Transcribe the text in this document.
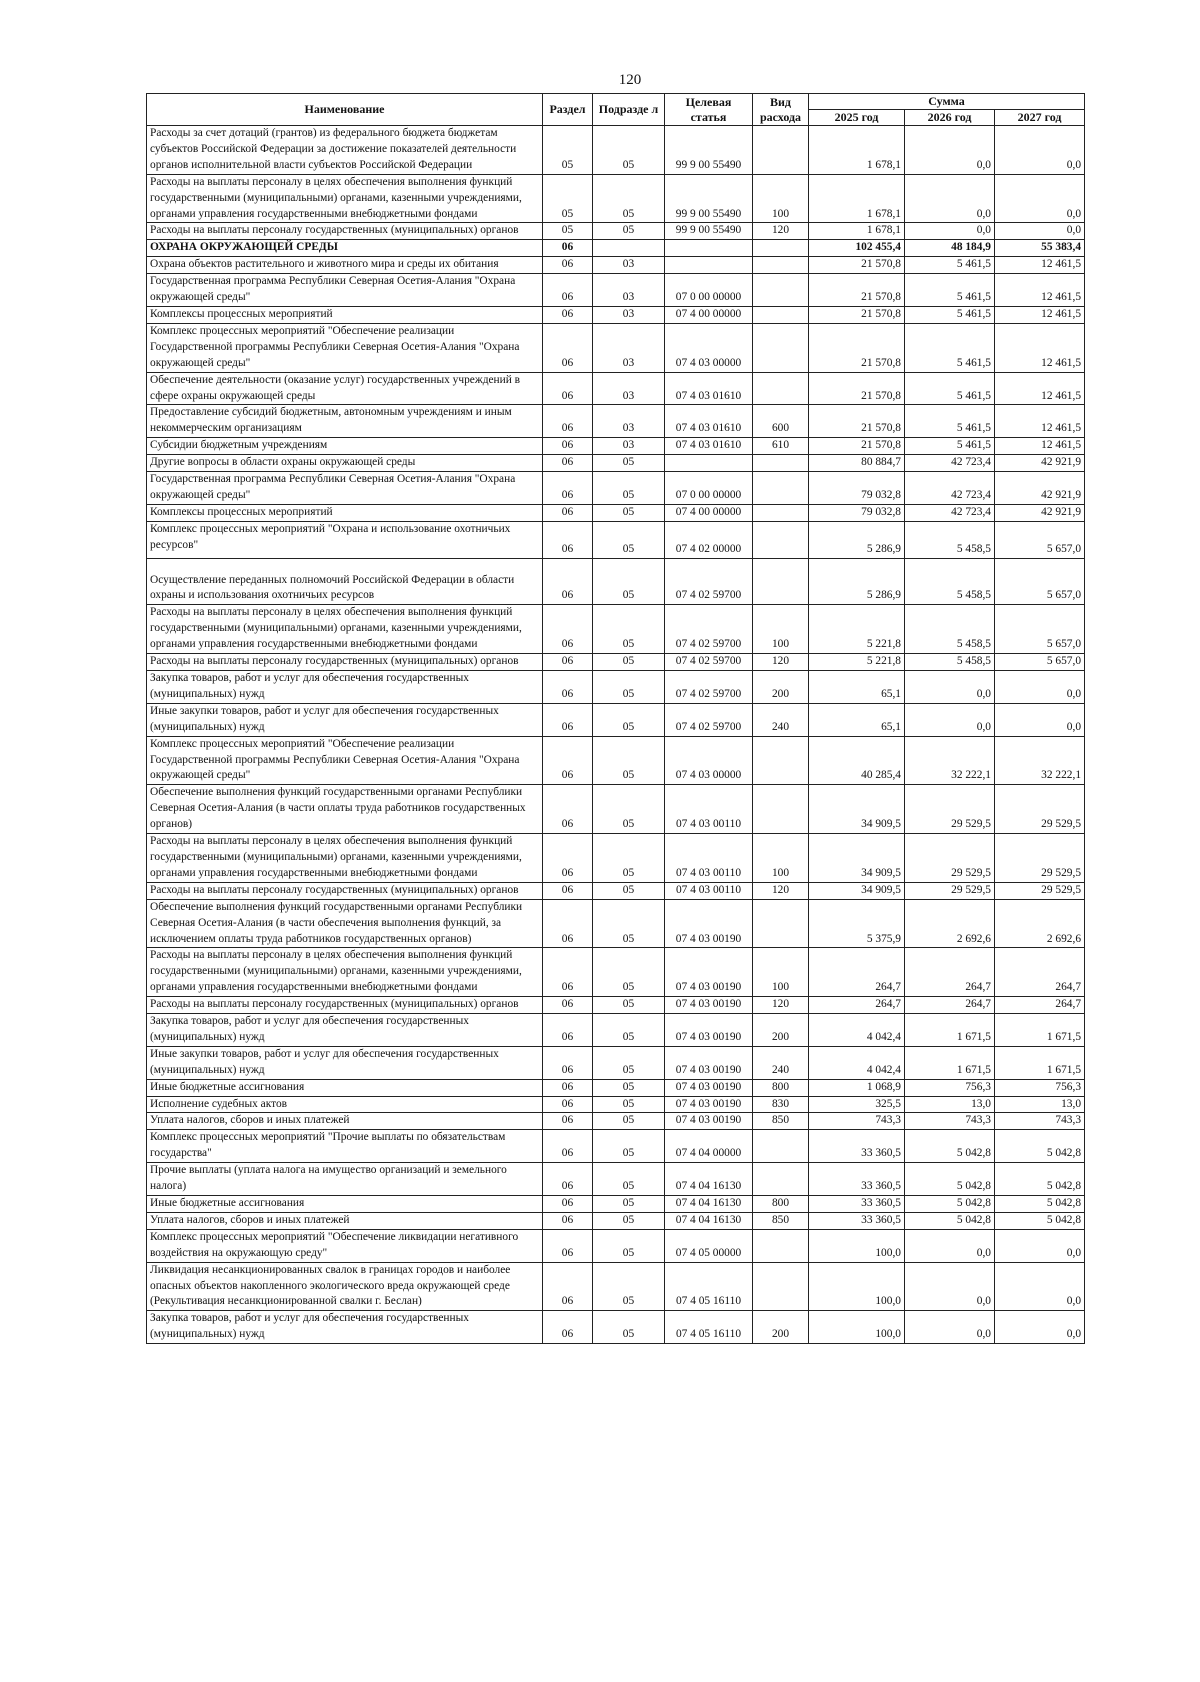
120
Наименование	Раздел	Подразде л	Целевая статья	Вид расхода	Сумма		
					2025 год	2026 год	2027 год
Расходы за счет дотаций (грантов) из федерального бюджета бюджетам субъектов Российской Федерации за достижение показателей деятельности органов исполнительной власти субъектов Российской Федерации	05	05	99 9 00 55490		1 678,1	0,0	0,0
Расходы на выплаты персоналу в целях обеспечения выполнения функций государственными (муниципальными) органами, казенными учреждениями, органами управления государственными внебюджетными фондами	05	05	99 9 00 55490	100	1 678,1	0,0	0,0
Расходы на выплаты персоналу государственных (муниципальных) органов	05	05	99 9 00 55490	120	1 678,1	0,0	0,0
ОХРАНА ОКРУЖАЮЩЕЙ СРЕДЫ	06				102 455,4	48 184,9	55 383,4
Охрана объектов растительного и животного мира и среды их обитания	06	03			21 570,8	5 461,5	12 461,5
Государственная программа Республики Северная Осетия-Алания "Охрана окружающей среды"	06	03	07 0 00 00000		21 570,8	5 461,5	12 461,5
Комплексы процессных мероприятий	06	03	07 4 00 00000		21 570,8	5 461,5	12 461,5
Комплекс процессных мероприятий "Обеспечение реализации Государственной программы Республики Северная Осетия-Алания "Охрана окружающей среды"	06	03	07 4 03 00000		21 570,8	5 461,5	12 461,5
Обеспечение деятельности (оказание услуг) государственных учреждений в сфере охраны окружающей среды	06	03	07 4 03 01610		21 570,8	5 461,5	12 461,5
Предоставление субсидий бюджетным, автономным учреждениям и иным некоммерческим организациям	06	03	07 4 03 01610	600	21 570,8	5 461,5	12 461,5
Субсидии бюджетным учреждениям	06	03	07 4 03 01610	610	21 570,8	5 461,5	12 461,5
Другие вопросы в области охраны окружающей среды	06	05			80 884,7	42 723,4	42 921,9
Государственная программа Республики Северная Осетия-Алания "Охрана окружающей среды"	06	05	07 0 00 00000		79 032,8	42 723,4	42 921,9
Комплексы процессных мероприятий	06	05	07 4 00 00000		79 032,8	42 723,4	42 921,9
Комплекс процессных мероприятий "Охрана и использование охотничьих ресурсов"	06	05	07 4 02 00000		5 286,9	5 458,5	5 657,0
Осуществление переданных полномочий Российской Федерации в области охраны и использования охотничьих ресурсов	06	05	07 4 02 59700		5 286,9	5 458,5	5 657,0
Расходы на выплаты персоналу в целях обеспечения выполнения функций государственными (муниципальными) органами, казенными учреждениями, органами управления государственными внебюджетными фондами	06	05	07 4 02 59700	100	5 221,8	5 458,5	5 657,0
Расходы на выплаты персоналу государственных (муниципальных) органов	06	05	07 4 02 59700	120	5 221,8	5 458,5	5 657,0
Закупка товаров, работ и услуг для обеспечения государственных (муниципальных) нужд	06	05	07 4 02 59700	200	65,1	0,0	0,0
Иные закупки товаров, работ и услуг для обеспечения государственных (муниципальных) нужд	06	05	07 4 02 59700	240	65,1	0,0	0,0
Комплекс процессных мероприятий "Обеспечение реализации Государственной программы Республики Северная Осетия-Алания "Охрана окружающей среды"	06	05	07 4 03 00000		40 285,4	32 222,1	32 222,1
Обеспечение выполнения функций государственными органами Республики Северная Осетия-Алания (в части оплаты труда работников государственных органов)	06	05	07 4 03 00110		34 909,5	29 529,5	29 529,5
Расходы на выплаты персоналу в целях обеспечения выполнения функций государственными (муниципальными) органами, казенными учреждениями, органами управления государственными внебюджетными фондами	06	05	07 4 03 00110	100	34 909,5	29 529,5	29 529,5
Расходы на выплаты персоналу государственных (муниципальных) органов	06	05	07 4 03 00110	120	34 909,5	29 529,5	29 529,5
Обеспечение выполнения функций государственными органами Республики Северная Осетия-Алания (в части обеспечения выполнения функций, за исключением оплаты труда работников государственных органов)	06	05	07 4 03 00190		5 375,9	2 692,6	2 692,6
Расходы на выплаты персоналу в целях обеспечения выполнения функций государственными (муниципальными) органами, казенными учреждениями, органами управления государственными внебюджетными фондами	06	05	07 4 03 00190	100	264,7	264,7	264,7
Расходы на выплаты персоналу государственных (муниципальных) органов	06	05	07 4 03 00190	120	264,7	264,7	264,7
Закупка товаров, работ и услуг для обеспечения государственных (муниципальных) нужд	06	05	07 4 03 00190	200	4 042,4	1 671,5	1 671,5
Иные закупки товаров, работ и услуг для обеспечения государственных (муниципальных) нужд	06	05	07 4 03 00190	240	4 042,4	1 671,5	1 671,5
Иные бюджетные ассигнования	06	05	07 4 03 00190	800	1 068,9	756,3	756,3
Исполнение судебных актов	06	05	07 4 03 00190	830	325,5	13,0	13,0
Уплата налогов, сборов и иных платежей	06	05	07 4 03 00190	850	743,3	743,3	743,3
Комплекс процессных мероприятий "Прочие выплаты по обязательствам государства"	06	05	07 4 04 00000		33 360,5	5 042,8	5 042,8
Прочие выплаты (уплата налога на имущество организаций и земельного налога)	06	05	07 4 04 16130		33 360,5	5 042,8	5 042,8
Иные бюджетные ассигнования	06	05	07 4 04 16130	800	33 360,5	5 042,8	5 042,8
Уплата налогов, сборов и иных платежей	06	05	07 4 04 16130	850	33 360,5	5 042,8	5 042,8
Комплекс процессных мероприятий "Обеспечение ликвидации негативного воздействия на окружающую среду"	06	05	07 4 05 00000		100,0	0,0	0,0
Ликвидация несанкционированных свалок в границах городов и наиболее опасных объектов накопленного экологического вреда окружающей среде (Рекультивация несанкционированной свалки г. Беслан)	06	05	07 4 05 16110		100,0	0,0	0,0
Закупка товаров, работ и услуг для обеспечения государственных (муниципальных) нужд	06	05	07 4 05 16110	200	100,0	0,0	0,0
